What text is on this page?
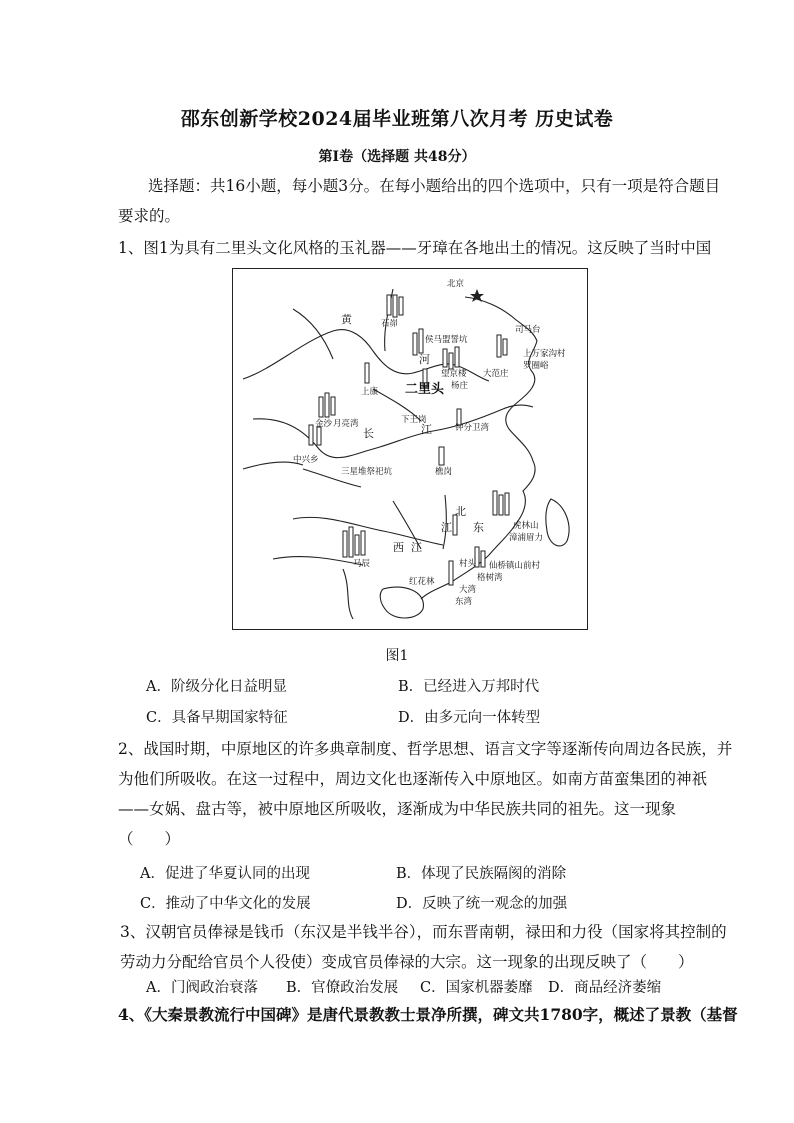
邵东创新学校2024届毕业班第八次月考 历史试卷
第Ⅰ卷（选择题 共48分）
选择题：共16小题，每小题3分。在每小题给出的四个选项中，只有一项是符合题目
要求的。
1、图1为具有二里头文化风格的玉礼器——牙璋在各地出土的情况。这反映了当时中国
北京
黄	石峁
侯马盟誓坑
司马台
上万家沟村
罗圈峪
河
望京楼 大范庄
杨庄
二里头
上康
下王岗
钟分卫湾
金沙 月亮湾
中兴乡
长	江
三星堆祭祀坑	樵岗
北
东
江
西 江
虎林山
漳浦眉力
仙桥镇山前村
格树湾
村头
马辰
红花林
大湾
东湾
图1
A．阶级分化日益明显	B．已经进入万邦时代
C．具备早期国家特征	D．由多元向一体转型
2、战国时期，中原地区的许多典章制度、哲学思想、语言文字等逐渐传向周边各民族，并
为他们所吸收。在这一过程中，周边文化也逐渐传入中原地区。如南方苗蛮集团的神祇
——女娲、盘古等，被中原地区所吸收，逐渐成为中华民族共同的祖先。这一现象
（　　）
A．促进了华夏认同的出现	B．体现了民族隔阂的消除
C．推动了中华文化的发展	D．反映了统一观念的加强
3、汉朝官员俸禄是钱币（东汉是半钱半谷），而东晋南朝，禄田和力役（国家将其控制的
劳动力分配给官员个人役使）变成官员俸禄的大宗。这一现象的出现反映了（　　）
A．门阀政治衰落 B．官僚政治发展 C．国家机器萎靡 D．商品经济萎缩
4、《大秦景教流行中国碑》是唐代景教教士景净所撰，碑文共1780字，概述了景教（基督
